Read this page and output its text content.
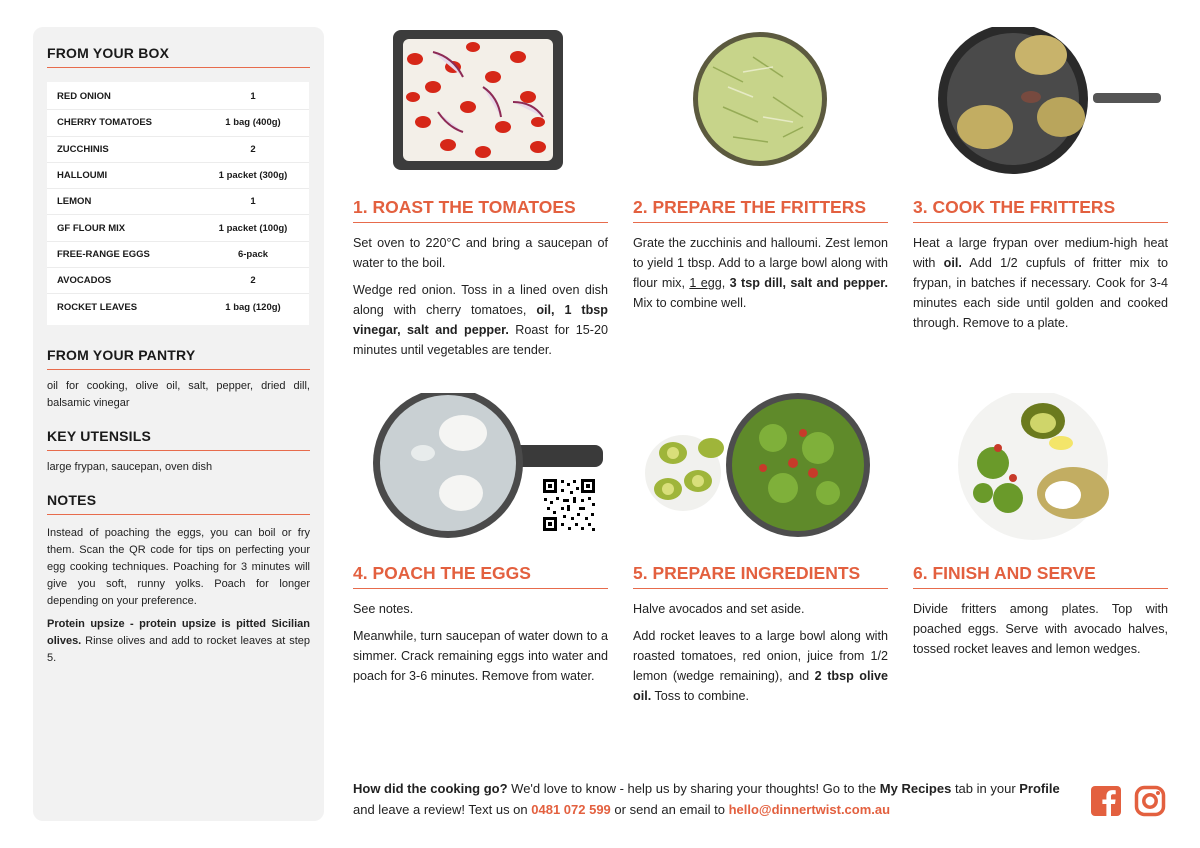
FROM YOUR BOX
RED ONION	1
CHERRY TOMATOES	1 bag (400g)
ZUCCHINIS	2
HALLOUMI	1 packet (300g)
LEMON	1
GF FLOUR MIX	1 packet (100g)
FREE-RANGE EGGS	6-pack
AVOCADOS	2
ROCKET LEAVES	1 bag (120g)
FROM YOUR PANTRY
oil for cooking, olive oil, salt, pepper, dried dill, balsamic vinegar
KEY UTENSILS
large frypan, saucepan, oven dish
NOTES
Instead of poaching the eggs, you can boil or fry them. Scan the QR code for tips on perfecting your egg cooking techniques. Poaching for 3 minutes will give you soft, runny yolks. Poach for longer depending on your preference.
Protein upsize - protein upsize is pitted Sicilian olives. Rinse olives and add to rocket leaves at step 5.
1. ROAST THE TOMATOES

Set oven to 220°C and bring a saucepan of water to the boil.

Wedge red onion. Toss in a lined oven dish along with cherry tomatoes, oil, 1 tbsp vinegar, salt and pepper. Roast for 15-20 minutes until vegetables are tender.

2. PREPARE THE FRITTERS

Grate the zucchinis and halloumi. Zest lemon to yield 1 tbsp. Add to a large bowl along with flour mix, 1 egg, 3 tsp dill, salt and pepper. Mix to combine well.

3. COOK THE FRITTERS

Heat a large frypan over medium-high heat with oil. Add 1/2 cupfuls of fritter mix to frypan, in batches if necessary. Cook for 3-4 minutes each side until golden and cooked through. Remove to a plate.

4. POACH THE EGGS

See notes.

Meanwhile, turn saucepan of water down to a simmer. Crack remaining eggs into water and poach for 3-6 minutes. Remove from water.

5. PREPARE INGREDIENTS

Halve avocados and set aside.

Add rocket leaves to a large bowl along with roasted tomatoes, red onion, juice from 1/2 lemon (wedge remaining), and 2 tbsp olive oil. Toss to combine.

6. FINISH AND SERVE

Divide fritters among plates. Top with poached eggs. Serve with avocado halves, tossed rocket leaves and lemon wedges.

How did the cooking go? We'd love to know - help us by sharing your thoughts! Go to the My Recipes tab in your Profile and leave a review! Text us on 0481 072 599 or send an email to hello@dinnertwist.com.au
